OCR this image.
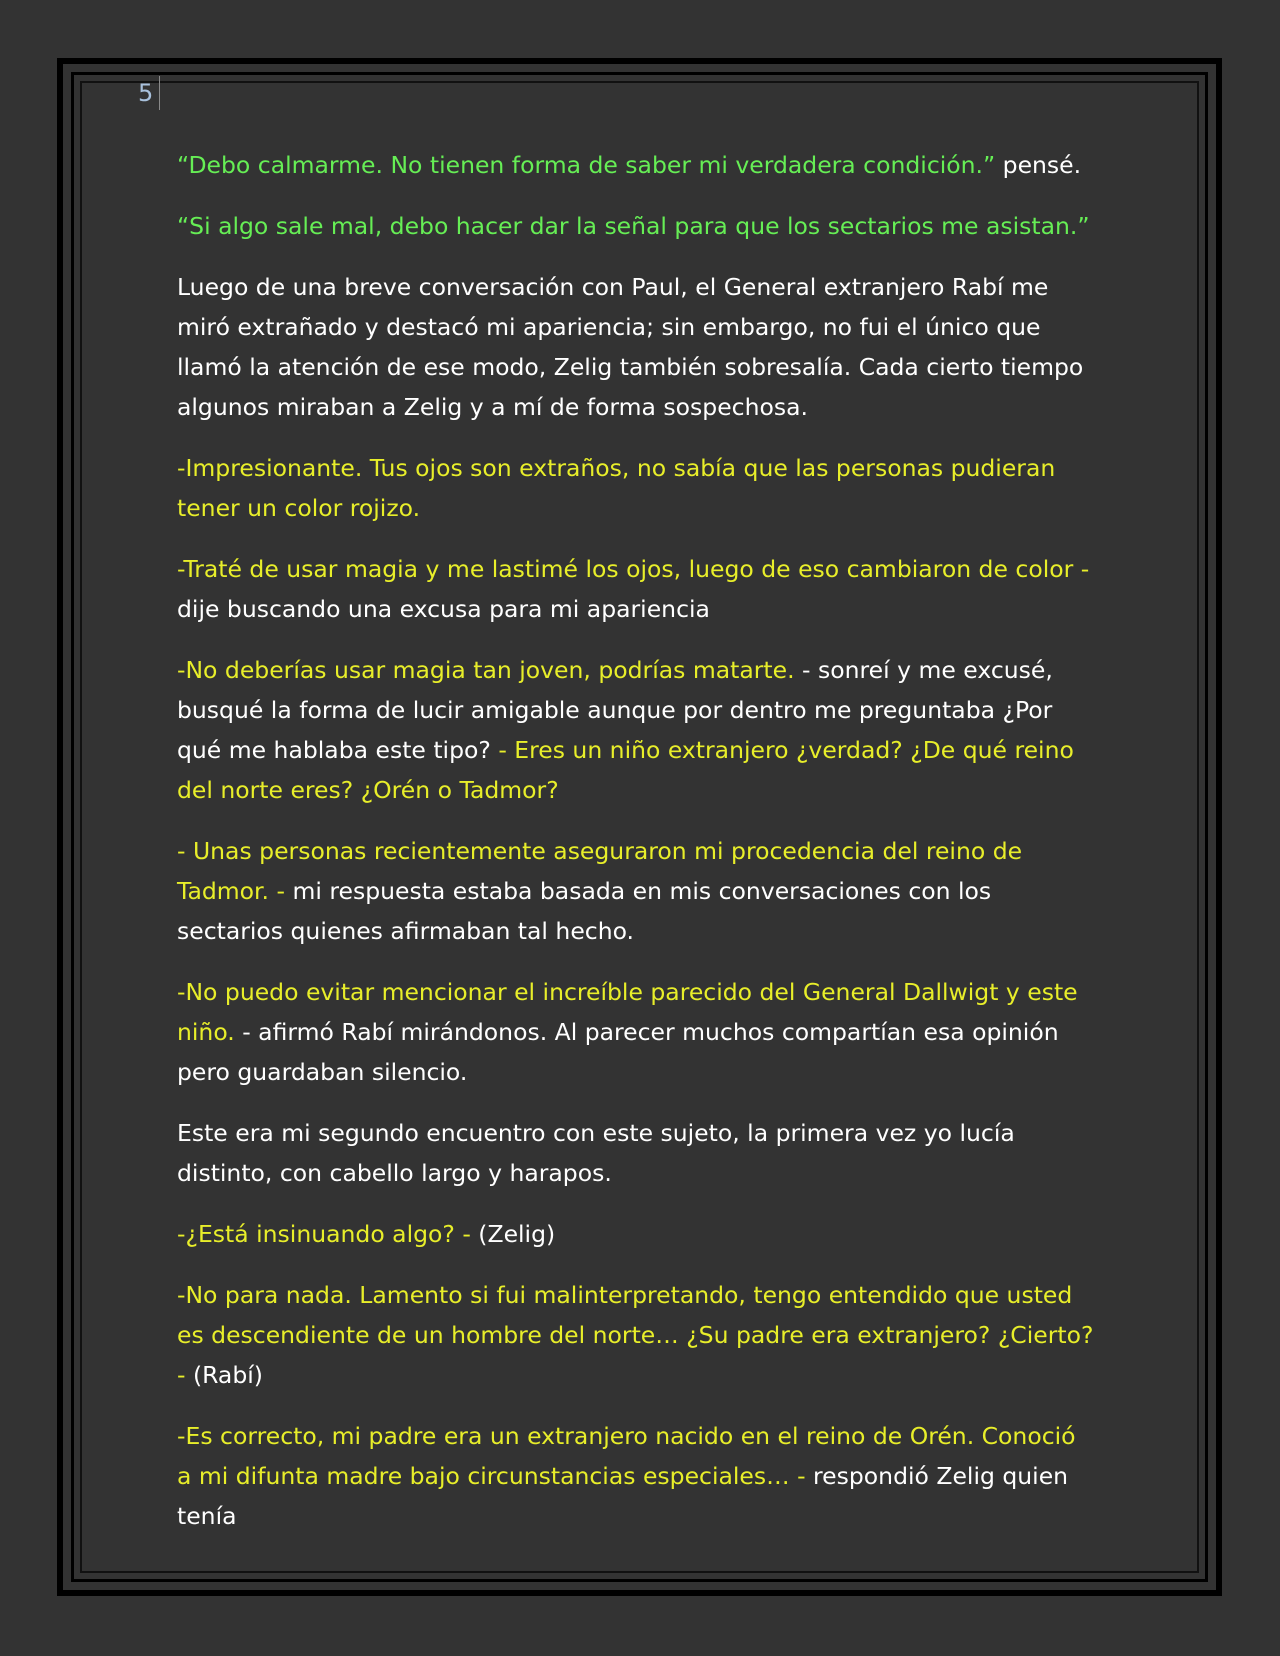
5

“Debo calmarme. No tienen forma de saber mi verdadera condición.” pensé.

“Si algo sale mal, debo hacer dar la señal para que los sectarios me asistan.”

Luego de una breve conversación con Paul, el General extranjero Rabí me miró extrañado y destacó mi apariencia; sin embargo, no fui el único que llamó la atención de ese modo, Zelig también sobresalía. Cada cierto tiempo algunos miraban a Zelig y a mí de forma sospechosa.

-Impresionante. Tus ojos son extraños, no sabía que las personas pudieran tener un color rojizo.

-Traté de usar magia y me lastimé los ojos, luego de eso cambiaron de color - dije buscando una excusa para mi apariencia

-No deberías usar magia tan joven, podrías matarte. - sonreí y me excusé, busqué la forma de lucir amigable aunque por dentro me preguntaba ¿Por qué me hablaba este tipo? - Eres un niño extranjero ¿verdad? ¿De qué reino del norte eres? ¿Orén o Tadmor?

- Unas personas recientemente aseguraron mi procedencia del reino de Tadmor. - mi respuesta estaba basada en mis conversaciones con los sectarios quienes afirmaban tal hecho.

-No puedo evitar mencionar el increíble parecido del General Dallwigt y este niño. - afirmó Rabí mirándonos. Al parecer muchos compartían esa opinión pero guardaban silencio.

Este era mi segundo encuentro con este sujeto, la primera vez yo lucía distinto, con cabello largo y harapos.

-¿Está insinuando algo? - (Zelig)

-No para nada. Lamento si fui malinterpretando, tengo entendido que usted es descendiente de un hombre del norte… ¿Su padre era extranjero? ¿Cierto?- (Rabí)

-Es correcto, mi padre era un extranjero nacido en el reino de Orén. Conoció a mi difunta madre bajo circunstancias especiales… - respondió Zelig quien tenía
